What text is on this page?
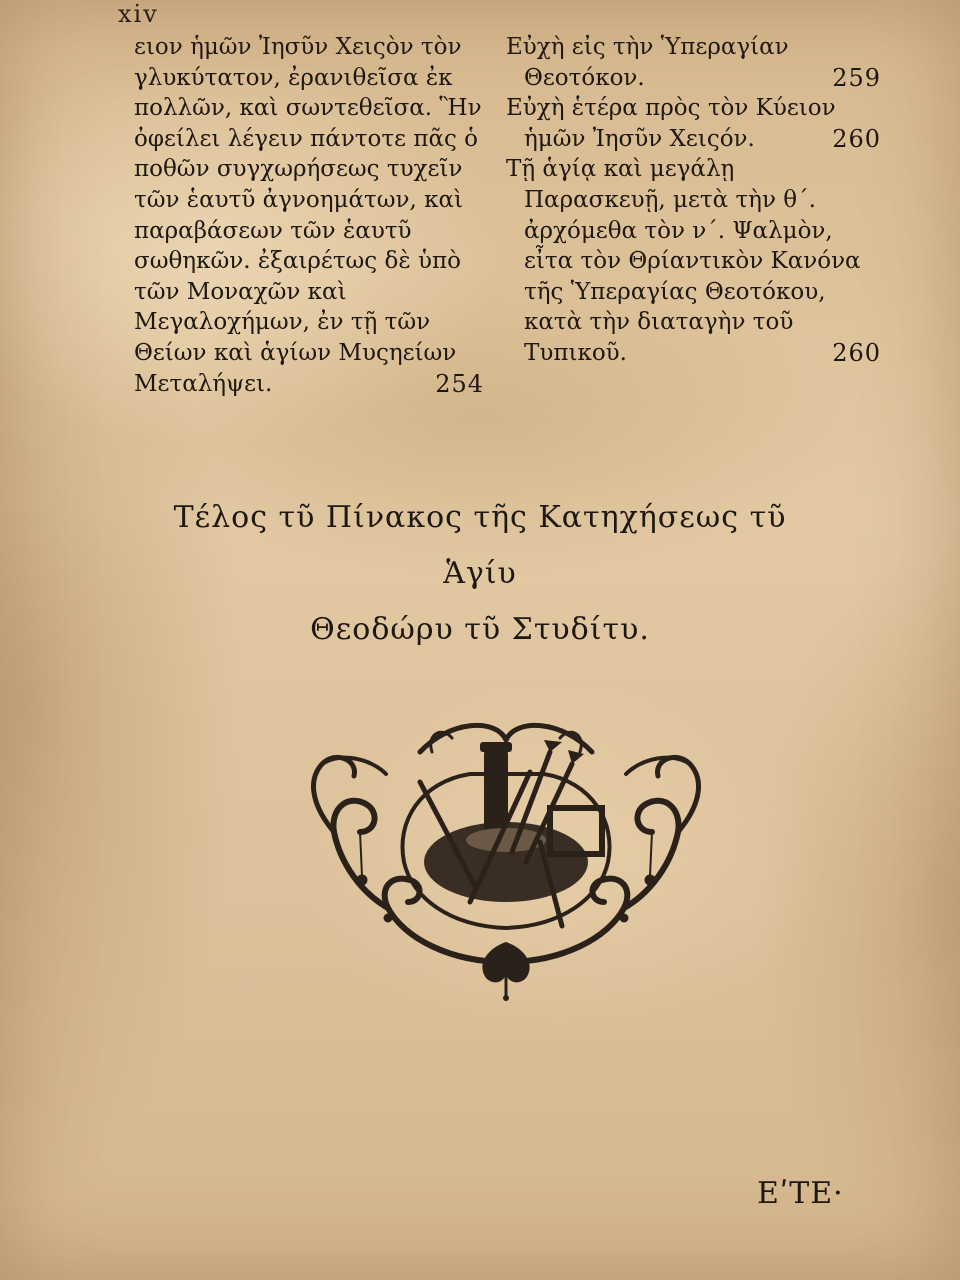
xiv

ειον ἡμῶν Ἰησῦν Χειςὸν τὸν γλυκύτατον, ἐρανιθεῖσα ἐκ πολλῶν, καὶ σωντεθεῖσα. Ἣν ὀφείλει λέγειν πάντοτε πᾶς ὁ ποθῶν συγχωρήσεως τυχεῖν τῶν ἑαυτῦ ἀγνοημάτων, καὶ παραβάσεων τῶν ἑαυτῦ σωθηκῶν. ἐξαιρέτως δὲ ὑπὸ τῶν Μοναχῶν καὶ Μεγαλοχήμων, ἐν τῇ τῶν Θείων καὶ ἁγίων Μυςηείων Μεταλήψει.	254

Εὐχὴ εἰς τὴν Ὑπεραγίαν Θεοτόκον.	259

Εὐχὴ ἑτέρα πρὸς τὸν Κύειον ἡμῶν Ἰησῦν Χειςόν.	260

Τῇ ἁγίᾳ καὶ μεγάλῃ Παρασκευῇ, μετὰ τὴν θ΄. ἀρχόμεθα τὸν ν΄. Ψαλμὸν, εἶτα τὸν Θρίαντικὸν Κανόνα τῆς Ὑπεραγίας Θεοτόκου, κατὰ τὴν διαταγὴν τοῦ Τυπικοῦ.	260

Τέλος τῦ Πίνακος τῆς Κατηχήσεως τῦ Ἁγίυ

Θεοδώρυ τῦ Στυδίτυ.

ΕʹΤΕ·
